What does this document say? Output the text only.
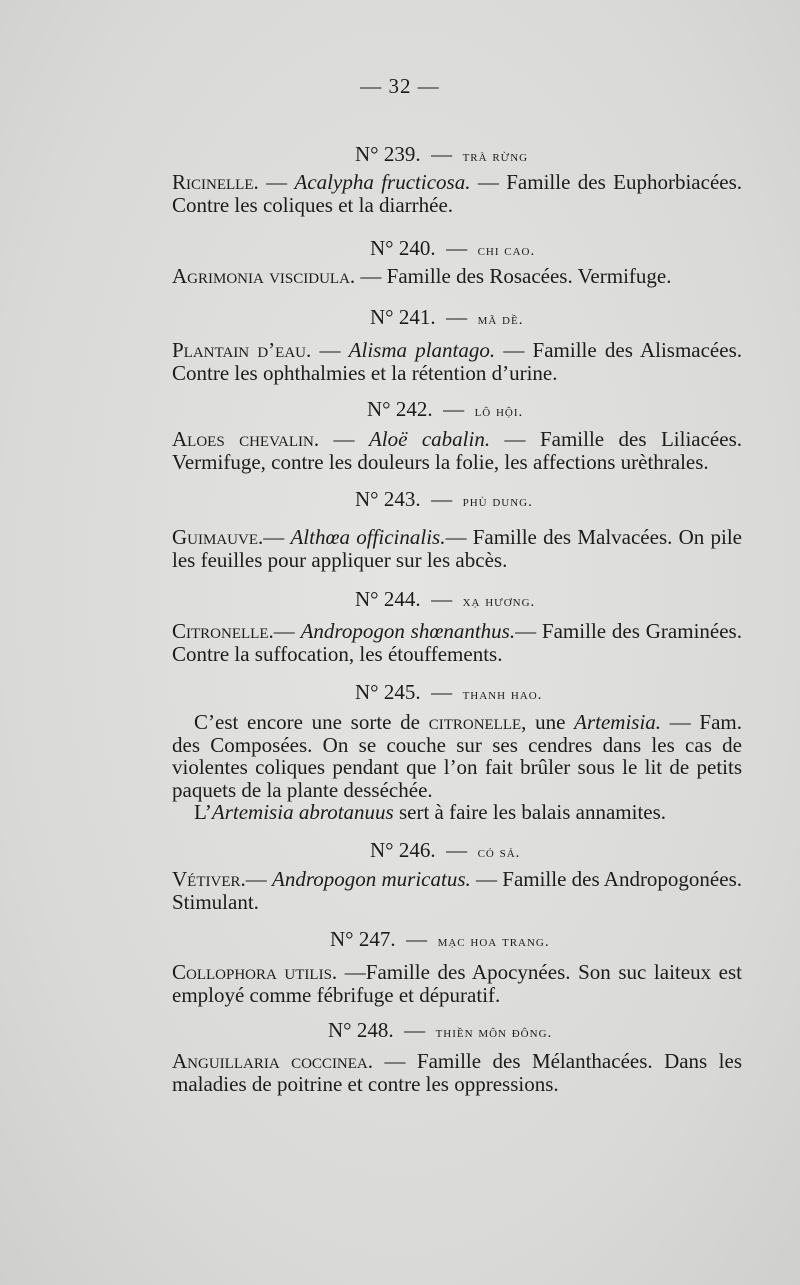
— 32 —
N° 239. — trà rừng
Ricinelle. — Acalypha fructicosa. — Famille des Euphorbiacées. Contre les coliques et la diarrhée.
N° 240. — chi cao.
Agrimonia viscidula. — Famille des Rosacées. Vermifuge.
N° 241. — mã dề.
Plantain d’eau. — Alisma plantago. — Famille des Alismacées. Contre les ophthalmies et la rétention d’urine.
N° 242. — lô hội.
Aloes chevalin. — Aloë cabalin. — Famille des Liliacées. Vermifuge, contre les douleurs la folie, les affections urèthrales.
N° 243. — phù dung.
Guimauve.— Althœa officinalis.— Famille des Malvacées. On pile les feuilles pour appliquer sur les abcès.
N° 244. — xạ hương.
Citronelle.— Andropogon shœnanthus.— Famille des Graminées. Contre la suffocation, les étouffements.
N° 245. — thanh hao.
C’est encore une sorte de citronelle, une Artemisia. — Fam. des Composées. On se couche sur ses cendres dans les cas de violentes coliques pendant que l’on fait brûler sous le lit de petits paquets de la plante desséchée.
L’Artemisia abrotanuus sert à faire les balais annamites.
N° 246. — cỏ sả.
Vétiver.— Andropogon muricatus. — Famille des Andropogonées. Stimulant.
N° 247. — mạc hoa trang.
Collophora utilis. —Famille des Apocynées. Son suc laiteux est employé comme fébrifuge et dépuratif.
N° 248. — thiền môn đông.
Anguillaria coccinea. — Famille des Mélanthacées. Dans les maladies de poitrine et contre les oppressions.
